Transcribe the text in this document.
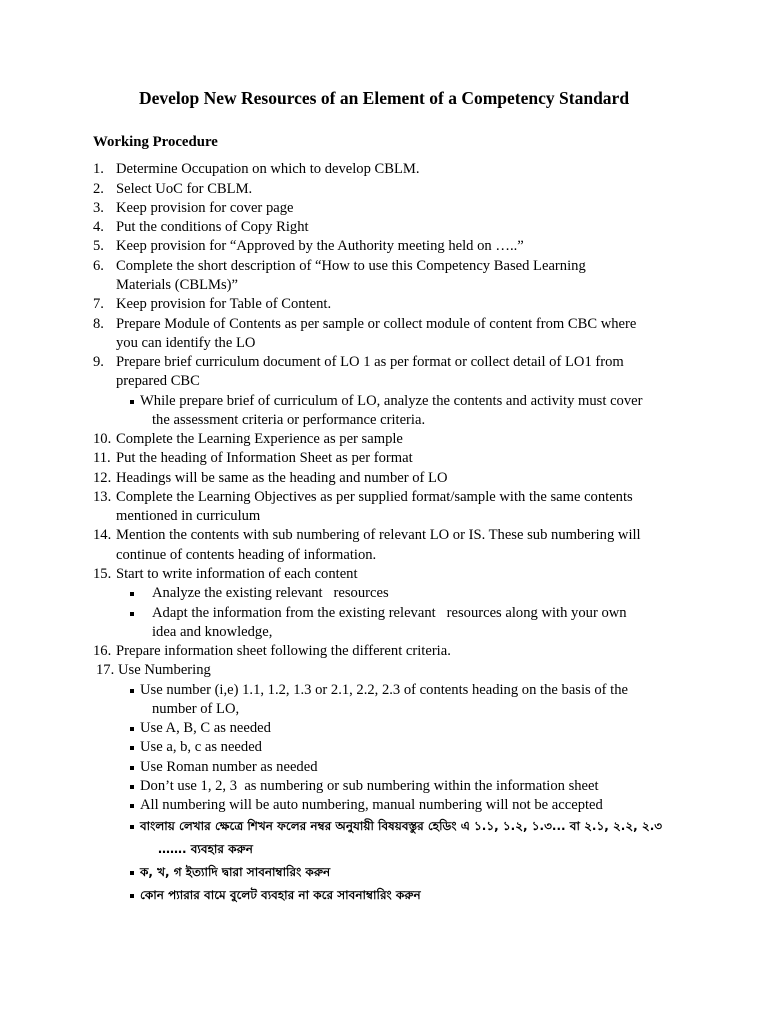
Develop New Resources of an Element of a Competency Standard
Working Procedure
1. Determine Occupation on which to develop CBLM.
2. Select UoC for CBLM.
3. Keep provision for cover page
4. Put the conditions of Copy Right
5. Keep provision for “Approved by the Authority meeting held on …..”
6. Complete the short description of “How to use this Competency Based Learning
Materials (CBLMs)”
7. Keep provision for Table of Content.
8. Prepare Module of Contents as per sample or collect module of content from CBC where
you can identify the LO
9. Prepare brief curriculum document of LO 1 as per format or collect detail of LO1 from
prepared CBC
While prepare brief of curriculum of LO, analyze the contents and activity must cover
the assessment criteria or performance criteria.
10. Complete the Learning Experience as per sample
11. Put the heading of Information Sheet as per format
12. Headings will be same as the heading and number of LO
13. Complete the Learning Objectives as per supplied format/sample with the same contents
mentioned in curriculum
14. Mention the contents with sub numbering of relevant LO or IS. These sub numbering will
continue of contents heading of information.
15. Start to write information of each content
Analyze the existing relevant   resources
Adapt the information from the existing relevant   resources along with your own
idea and knowledge,
16. Prepare information sheet following the different criteria.
17. Use Numbering
Use number (i,e) 1.1, 1.2, 1.3 or 2.1, 2.2, 2.3 of contents heading on the basis of the
number of LO,
Use A, B, C as needed
Use a, b, c as needed
Use Roman number as needed
Don’t use 1, 2, 3  as numbering or sub numbering within the information sheet
All numbering will be auto numbering, manual numbering will not be accepted
বাংলায় লেখার ক্ষেত্রে শিখন ফলের নম্বর অনুযায়ী বিষয়বস্তুর হেডিং এ ১.১, ১.২, ১.৩... বা ২.১, ২.২, ২.৩
……. ব্যবহার করুন
ক, খ, গ ইত্যাদি দ্বারা সাবনাম্বারিং করুন
কোন প্যারার বামে বুলেট ব্যবহার না করে সাবনাম্বারিং করুন
